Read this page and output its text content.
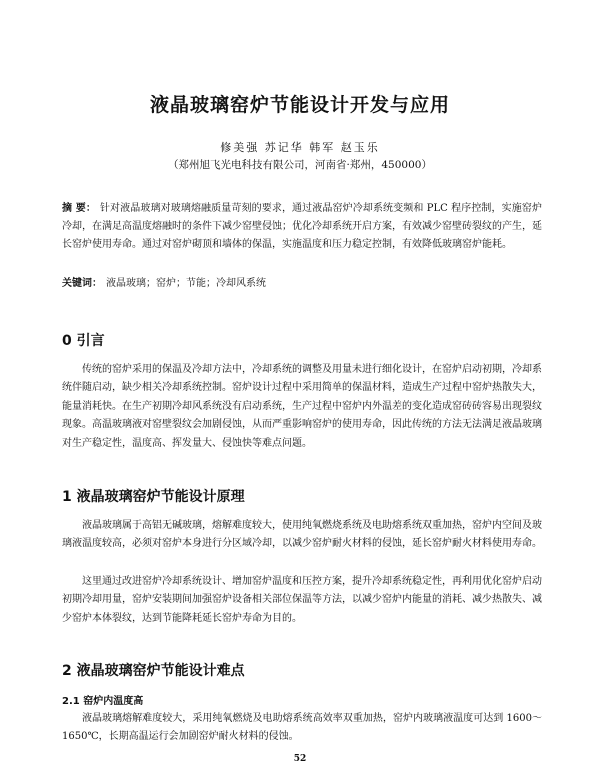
液晶玻璃窑炉节能设计开发与应用
修美强 苏记华 韩军 赵玉乐
（郑州旭飞光电科技有限公司，河南省·郑州，450000）
摘 要： 针对液晶玻璃对玻璃熔融质量苛刻的要求，通过液晶窑炉冷却系统变频和 PLC 程序控制，实施窑炉冷却，在满足高温度熔融时的条件下减少窑壁侵蚀；优化冷却系统开启方案，有效减少窑壁砖裂纹的产生，延长窑炉使用寿命。通过对窑炉砌顶和墙体的保温，实施温度和压力稳定控制，有效降低玻璃窑炉能耗。
关键词： 液晶玻璃；窑炉；节能；冷却风系统
0 引言
传统的窑炉采用的保温及冷却方法中，冷却系统的调整及用量未进行细化设计，在窑炉启动初期，冷却系统伴随启动，缺少相关冷却系统控制。窑炉设计过程中采用简单的保温材料，造成生产过程中窑炉热散失大，能量消耗快。在生产初期冷却风系统没有启动系统，生产过程中窑炉内外温差的变化造成窑砖砖容易出现裂纹现象。高温玻璃液对窑壁裂纹会加剧侵蚀，从而严重影响窑炉的使用寿命，因此传统的方法无法满足液晶玻璃对生产稳定性，温度高、挥发量大、侵蚀快等难点问题。
1 液晶玻璃窑炉节能设计原理
液晶玻璃属于高铝无碱玻璃，熔解难度较大，使用纯氧燃烧系统及电助熔系统双重加热，窑炉内空间及玻璃液温度较高，必须对窑炉本身进行分区域冷却，以减少窑炉耐火材料的侵蚀，延长窑炉耐火材料使用寿命。
这里通过改进窑炉冷却系统设计、增加窑炉温度和压控方案，提升冷却系统稳定性，再利用优化窑炉启动初期冷却用量，窑炉安装期间加强窑炉设备相关部位保温等方法，以减少窑炉内能量的消耗、减少热散失、减少窑炉本体裂纹，达到节能降耗延长窑炉寿命为目的。
2 液晶玻璃窑炉节能设计难点
2.1 窑炉内温度高
液晶玻璃熔解难度较大，采用纯氧燃烧及电助熔系统高效率双重加热，窑炉内玻璃液温度可达到 1600～1650℃，长期高温运行会加剧窑炉耐火材料的侵蚀。
52
